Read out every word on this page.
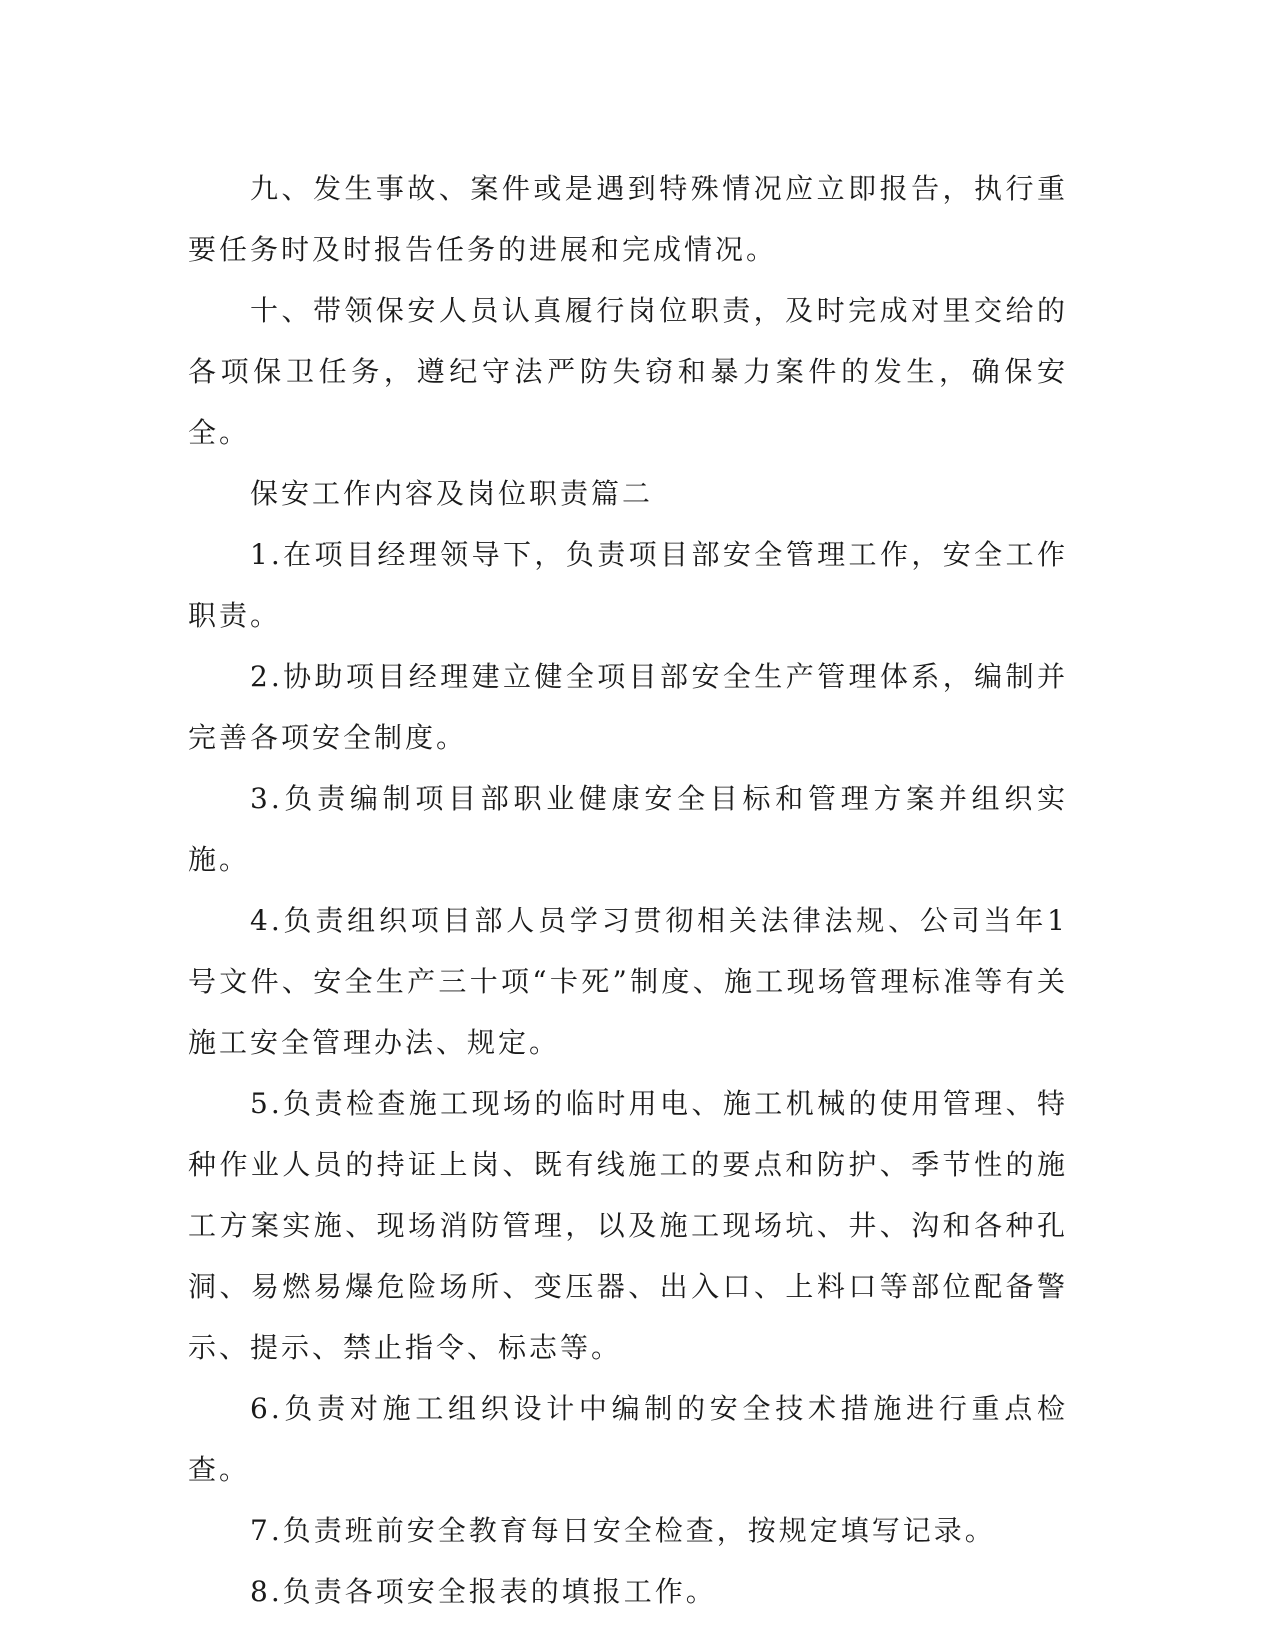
九、发生事故、案件或是遇到特殊情况应立即报告，执行重要任务时及时报告任务的进展和完成情况。

十、带领保安人员认真履行岗位职责，及时完成对里交给的各项保卫任务，遵纪守法严防失窃和暴力案件的发生，确保安全。

保安工作内容及岗位职责篇二

1.在项目经理领导下，负责项目部安全管理工作，安全工作职责。

2.协助项目经理建立健全项目部安全生产管理体系，编制并完善各项安全制度。

3.负责编制项目部职业健康安全目标和管理方案并组织实施。

4.负责组织项目部人员学习贯彻相关法律法规、公司当年1号文件、安全生产三十项“卡死”制度、施工现场管理标准等有关施工安全管理办法、规定。

5.负责检查施工现场的临时用电、施工机械的使用管理、特种作业人员的持证上岗、既有线施工的要点和防护、季节性的施工方案实施、现场消防管理，以及施工现场坑、井、沟和各种孔洞、易燃易爆危险场所、变压器、出入口、上料口等部位配备警示、提示、禁止指令、标志等。

6.负责对施工组织设计中编制的安全技术措施进行重点检查。

7.负责班前安全教育每日安全检查，按规定填写记录。

8.负责各项安全报表的填报工作。
